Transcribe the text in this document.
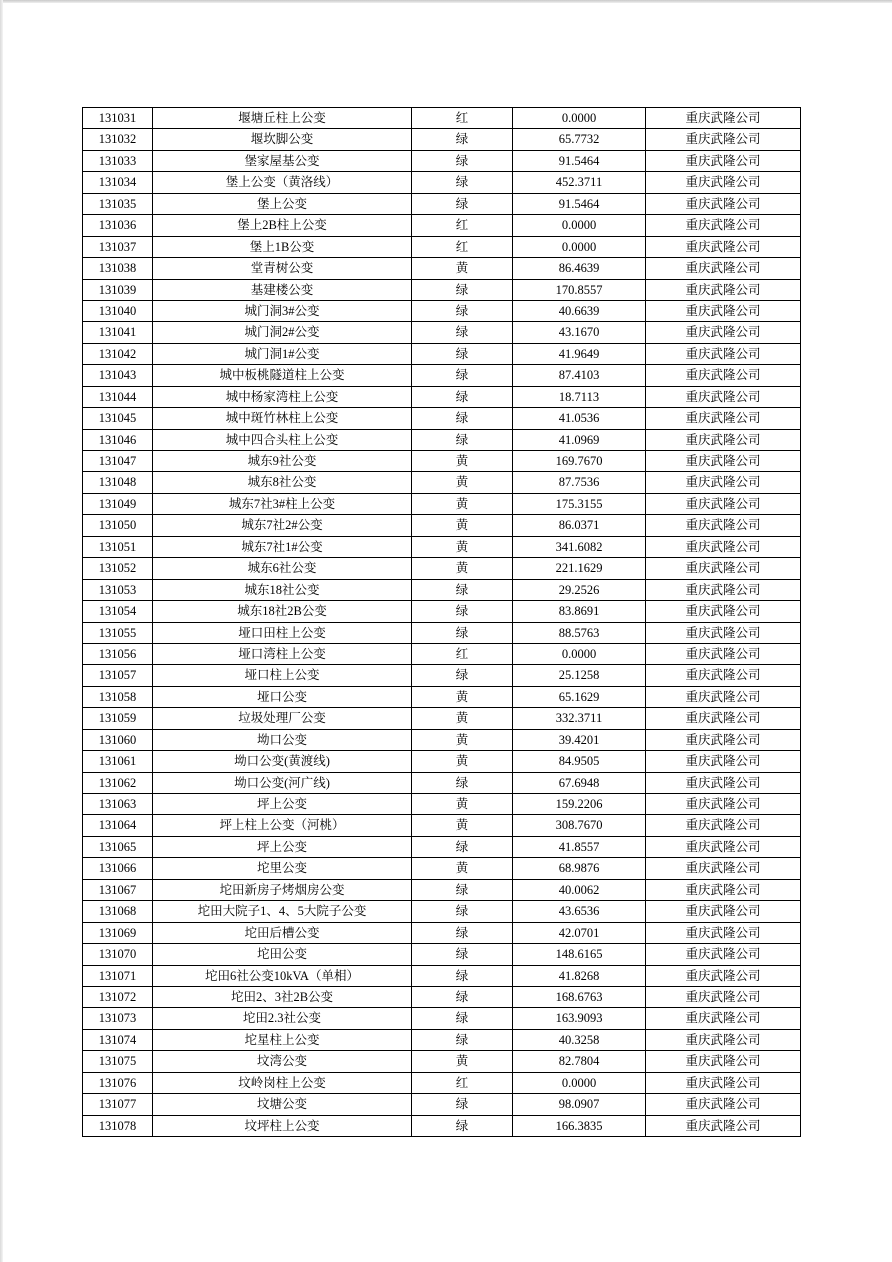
131031	堰塘丘柱上公变	红	0.0000	重庆武隆公司
131032	堰坎脚公变	绿	65.7732	重庆武隆公司
131033	堡家屋基公变	绿	91.5464	重庆武隆公司
131034	堡上公变（黄洛线）	绿	452.3711	重庆武隆公司
131035	堡上公变	绿	91.5464	重庆武隆公司
131036	堡上2B柱上公变	红	0.0000	重庆武隆公司
131037	堡上1B公变	红	0.0000	重庆武隆公司
131038	堂青树公变	黄	86.4639	重庆武隆公司
131039	基建楼公变	绿	170.8557	重庆武隆公司
131040	城门洞3#公变	绿	40.6639	重庆武隆公司
131041	城门洞2#公变	绿	43.1670	重庆武隆公司
131042	城门洞1#公变	绿	41.9649	重庆武隆公司
131043	城中板桃隧道柱上公变	绿	87.4103	重庆武隆公司
131044	城中杨家湾柱上公变	绿	18.7113	重庆武隆公司
131045	城中斑竹林柱上公变	绿	41.0536	重庆武隆公司
131046	城中四合头柱上公变	绿	41.0969	重庆武隆公司
131047	城东9社公变	黄	169.7670	重庆武隆公司
131048	城东8社公变	黄	87.7536	重庆武隆公司
131049	城东7社3#柱上公变	黄	175.3155	重庆武隆公司
131050	城东7社2#公变	黄	86.0371	重庆武隆公司
131051	城东7社1#公变	黄	341.6082	重庆武隆公司
131052	城东6社公变	黄	221.1629	重庆武隆公司
131053	城东18社公变	绿	29.2526	重庆武隆公司
131054	城东18社2B公变	绿	83.8691	重庆武隆公司
131055	垭口田柱上公变	绿	88.5763	重庆武隆公司
131056	垭口湾柱上公变	红	0.0000	重庆武隆公司
131057	垭口柱上公变	绿	25.1258	重庆武隆公司
131058	垭口公变	黄	65.1629	重庆武隆公司
131059	垃圾处理厂公变	黄	332.3711	重庆武隆公司
131060	坳口公变	黄	39.4201	重庆武隆公司
131061	坳口公变(黄渡线)	黄	84.9505	重庆武隆公司
131062	坳口公变(河广线)	绿	67.6948	重庆武隆公司
131063	坪上公变	黄	159.2206	重庆武隆公司
131064	坪上柱上公变（河桃）	黄	308.7670	重庆武隆公司
131065	坪上公变	绿	41.8557	重庆武隆公司
131066	坨里公变	黄	68.9876	重庆武隆公司
131067	坨田新房子烤烟房公变	绿	40.0062	重庆武隆公司
131068	坨田大院子1、4、5大院子公变	绿	43.6536	重庆武隆公司
131069	坨田后槽公变	绿	42.0701	重庆武隆公司
131070	坨田公变	绿	148.6165	重庆武隆公司
131071	坨田6社公变10kVA（单相）	绿	41.8268	重庆武隆公司
131072	坨田2、3社2B公变	绿	168.6763	重庆武隆公司
131073	坨田2.3社公变	绿	163.9093	重庆武隆公司
131074	坨星柱上公变	绿	40.3258	重庆武隆公司
131075	坟湾公变	黄	82.7804	重庆武隆公司
131076	坟岭岗柱上公变	红	0.0000	重庆武隆公司
131077	坟塘公变	绿	98.0907	重庆武隆公司
131078	坟坪柱上公变	绿	166.3835	重庆武隆公司
